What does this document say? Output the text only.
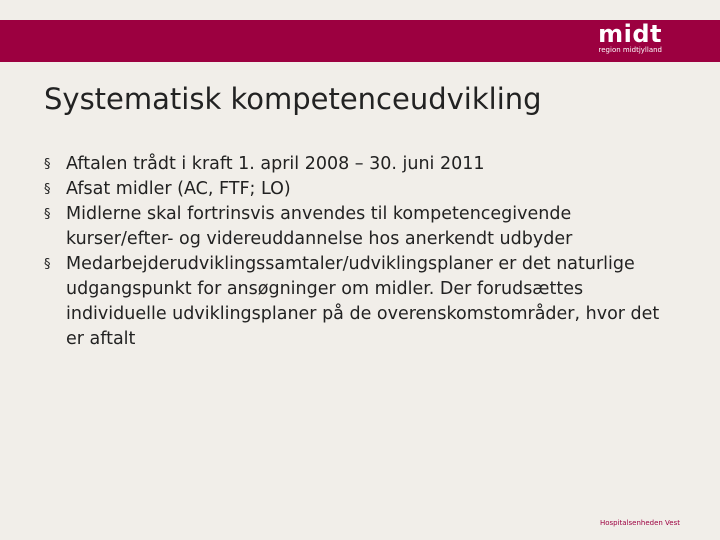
midt
region midtjylland
Systematisk kompetenceudvikling
§ Aftalen trådt i kraft 1. april 2008 – 30. juni 2011
§ Afsat midler (AC, FTF; LO)
§ Midlerne skal fortrinsvis anvendes til kompetencegivende kurser/efter- og videreuddannelse hos anerkendt udbyder
§ Medarbejderudviklingssamtaler/udviklingsplaner er det naturlige udgangspunkt for ansøgninger om midler. Der forudsættes individuelle udviklingsplaner på de overenskomstområder, hvor det er aftalt
Hospitalsenheden Vest
